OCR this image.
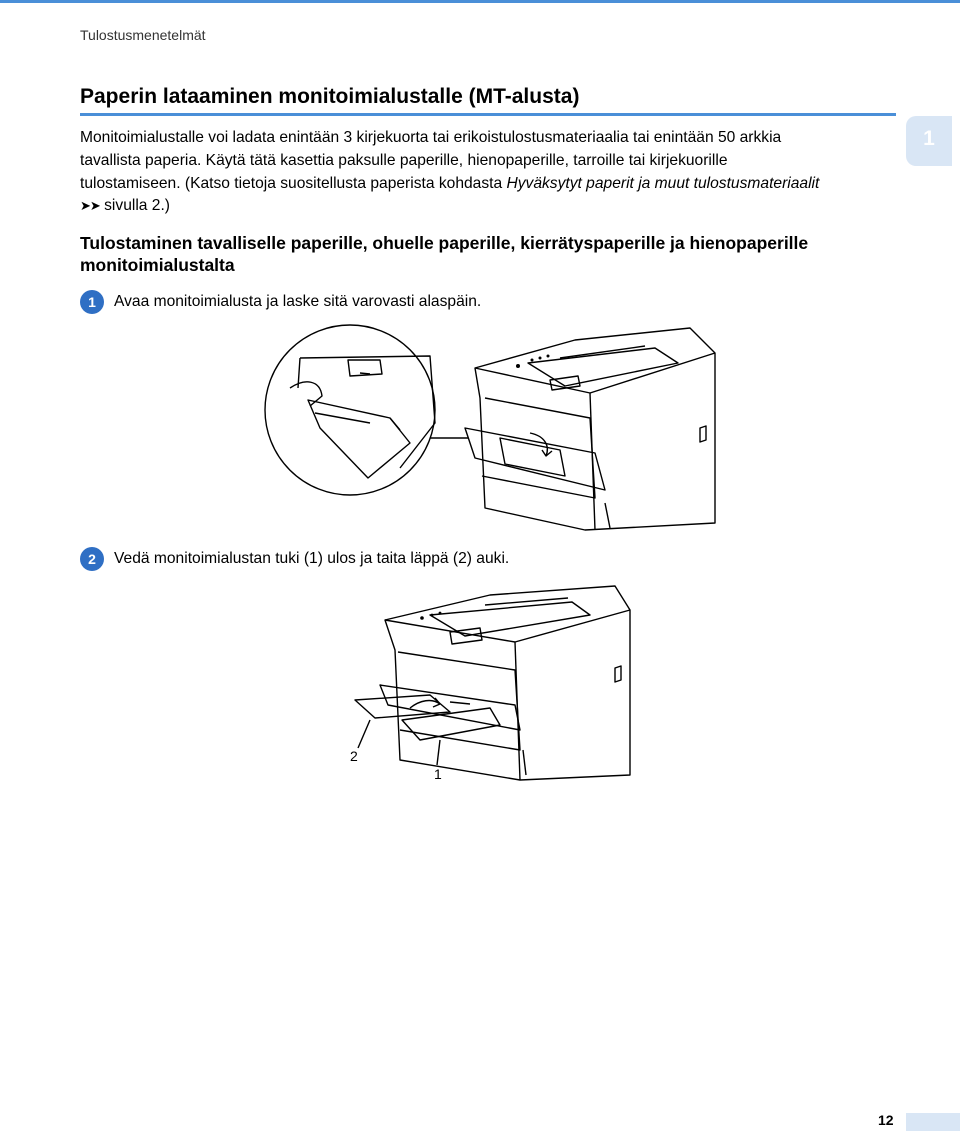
Tulostusmenetelmät
Paperin lataaminen monitoimialustalle (MT-alusta)
1

Monitoimialustalle voi ladata enintään 3 kirjekuorta tai erikoistulostusmateriaalia tai enintään 50 arkkia
tavallista paperia. Käytä tätä kasettia paksulle paperille, hienopaperille, tarroille tai kirjekuorille
tulostamiseen. (Katso tietoja suositellusta paperista kohdasta Hyväksytyt paperit ja muut tulostusmateriaalit
➤➤ sivulla 2.)

Tulostaminen tavalliselle paperille, ohuelle paperille, kierrätyspaperille ja hienopaperille
monitoimialustalta
1 Avaa monitoimialusta ja laske sitä varovasti alaspäin.
2 Vedä monitoimialustan tuki (1) ulos ja taita läppä (2) auki.
2
1
12
